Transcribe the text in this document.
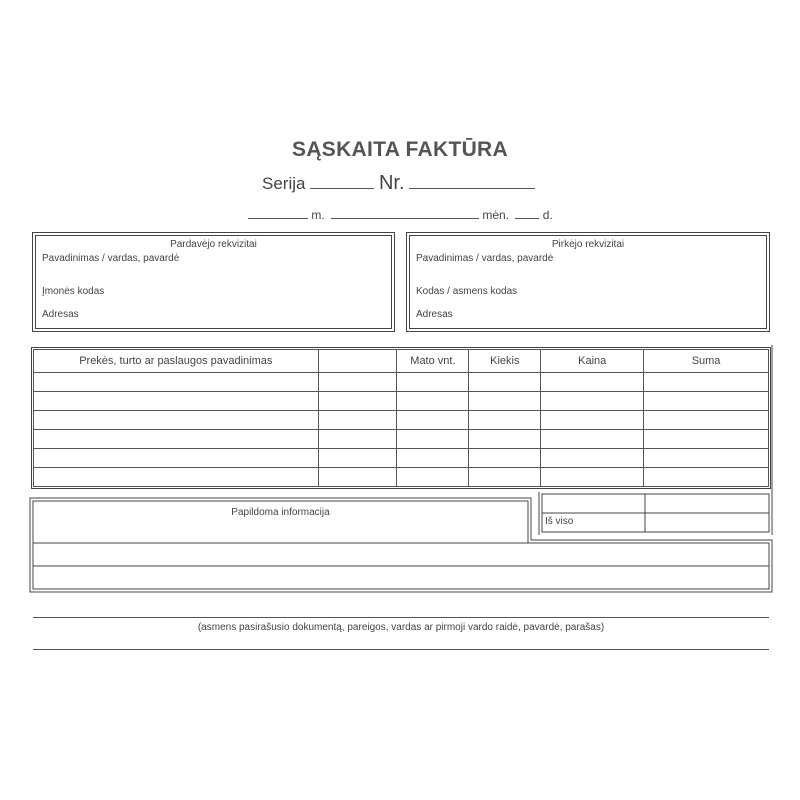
SĄSKAITA FAKTŪRA
Serija	Nr.
m.	mėn.	d.
Pardavėjo rekvizitai
Pavadinimas / vardas, pavardė
Įmonės kodas
Adresas
Pirkėjo rekvizitai
Pavadinimas / vardas, pavardė
Kodas / asmens kodas
Adresas
Prekės, turto ar paslaugos pavadinimas		Mato vnt.	Kiekis	Kaina	Suma

Papildoma informacija
Iš viso
(asmens pasirašusio dokumentą, pareigos, vardas ar pirmoji vardo raidė, pavardė, parašas)
